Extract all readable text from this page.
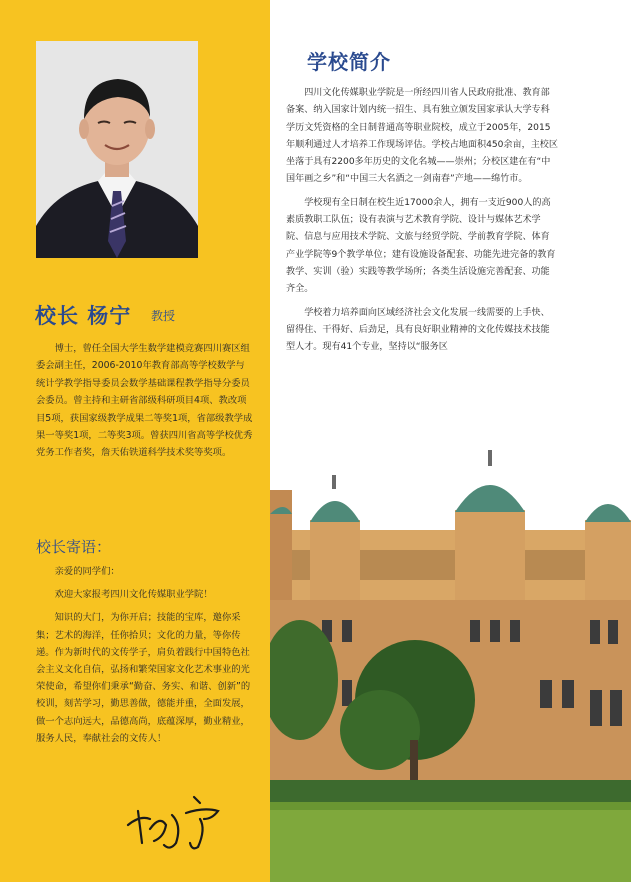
校长 杨宁 教授

博士，曾任全国大学生数学建模竞赛四川赛区组委会副主任，2006-2010年教育部高等学校数学与统计学教学指导委员会数学基础课程教学指导分委员会委员。曾主持和主研省部级科研项目4项、教改项目5项，获国家级教学成果二等奖1项，省部级教学成果一等奖1项，二等奖3项。曾获四川省高等学校优秀党务工作者奖，詹天佑铁道科学技术奖等奖项。

校长寄语：

亲爱的同学们：

欢迎大家报考四川文化传媒职业学院！

知识的大门，为你开启；技能的宝库，邀你采集；艺术的海洋，任你拾贝；文化的力量，等你传递。作为新时代的文传学子，肩负着践行中国特色社会主义文化自信，弘扬和繁荣国家文化艺术事业的光荣使命，希望你们秉承“勤奋、务实、和谐、创新”的校训，刻苦学习，勤思善做，德能并重，全面发展，做一个志向远大，品德高尚，底蕴深厚，勤业精业，服务人民，奉献社会的文传人！

学校简介

四川文化传媒职业学院是一所经四川省人民政府批准、教育部备案、纳入国家计划内统一招生、具有独立颁发国家承认大学专科学历文凭资格的全日制普通高等职业院校，成立于2005年，2015年顺利通过人才培养工作现场评估。学校占地面积450余亩，主校区坐落于具有2200多年历史的文化名城——崇州；分校区建在有“中国年画之乡”和“中国三大名酒之一剑南春”产地——绵竹市。

学校现有全日制在校生近17000余人，拥有一支近900人的高素质教职工队伍；设有表演与艺术教育学院、设计与媒体艺术学院、信息与应用技术学院、文旅与经贸学院、学前教育学院、体育产业学院等9个教学单位；建有设施设备配套、功能先进完备的教育教学、实训（验）实践等教学场所；各类生活设施完善配套、功能齐全。

学校着力培养面向区域经济社会文化发展一线需要的上手快、留得住、干得好、后劲足，具有良好职业精神的文化传媒技术技能型人才。现有41个专业，坚持以“服务区
